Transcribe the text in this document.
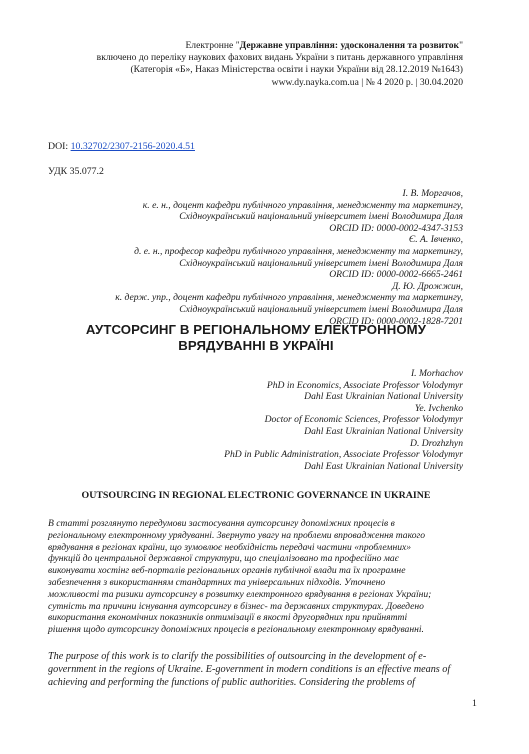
Електронне "Державне управління: удосконалення та розвиток"
включено до переліку наукових фахових видань України з питань державного управління
(Категорія «Б», Наказ Міністерства освіти і науки України від 28.12.2019 №1643)
www.dy.nayka.com.ua | № 4 2020 р. | 30.04.2020
DOI: 10.32702/2307-2156-2020.4.51
УДК 35.077.2
І. В. Моргачов,
к. е. н., доцент кафедри публічного управління, менеджменту та маркетингу,
Східноукраїнський національний університет імені Володимира Даля
ORCID ID: 0000-0002-4347-3153
Є. А. Івченко,
д. е. н., професор кафедри публічного управління, менеджменту та маркетингу,
Східноукраїнський національний університет імені Володимира Даля
ORCID ID: 0000-0002-6665-2461
Д. Ю. Дрожжин,
к. держ. упр., доцент кафедри публічного управління, менеджменту та маркетингу,
Східноукраїнський національний університет імені Володимира Даля
ORCID ID: 0000-0002-1828-7201
АУТСОРСИНГ В РЕГІОНАЛЬНОМУ ЕЛЕКТРОННОМУ
ВРЯДУВАННІ В УКРАЇНІ
I. Morhachov
PhD in Economics, Associate Professor Volodymyr
Dahl East Ukrainian National University
Ye. Ivchenko
Doctor of Economic Sciences, Professor Volodymyr
Dahl East Ukrainian National University
D. Drozhzhyn
PhD in Public Administration, Associate Professor Volodymyr
Dahl East Ukrainian National University
OUTSOURCING IN REGIONAL ELECTRONIC GOVERNANCE IN UKRAINE
В статті розглянуто передумови застосування аутсорсингу допоміжних процесів в
регіональному електронному урядуванні. Звернуто увагу на проблеми впровадження такого
врядування в регіонах країни, що зумовлює необхідність передачі частини «проблемних»
функцій до центральної державної структури, що спеціалізовано та професійно має
виконувати хостінг веб-порталів регіональних органів публічної влади та їх програмне
забезпечення з використанням стандартних та універсальних підходів. Уточнено
можливості та ризики аутсорсингу в розвитку електронного врядування в регіонах України;
сутність та причини існування аутсорсингу в бізнес- та державних структурах. Доведено
використання економічних показників оптимізації в якості другорядних при прийнятті
рішення щодо аутсорсингу допоміжних процесів в регіональному електронному врядуванні.
The purpose of this work is to clarify the possibilities of outsourcing in the development of e-
government in the regions of Ukraine. E-government in modern conditions is an effective means of
achieving and performing the functions of public authorities. Considering the problems of
1
